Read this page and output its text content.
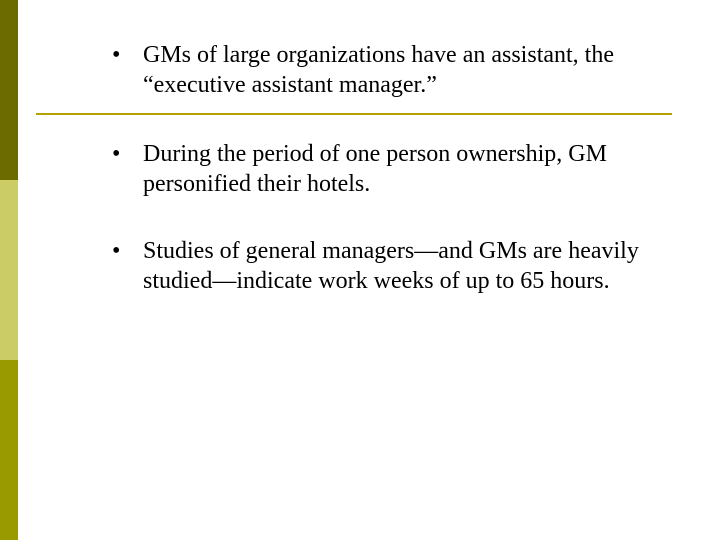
• GMs of large organizations have an assistant, the “executive assistant manager.”
• During the period of one person ownership, GM personified their hotels.
• Studies of general managers—and GMs are heavily studied—indicate work weeks of up to 65 hours.
